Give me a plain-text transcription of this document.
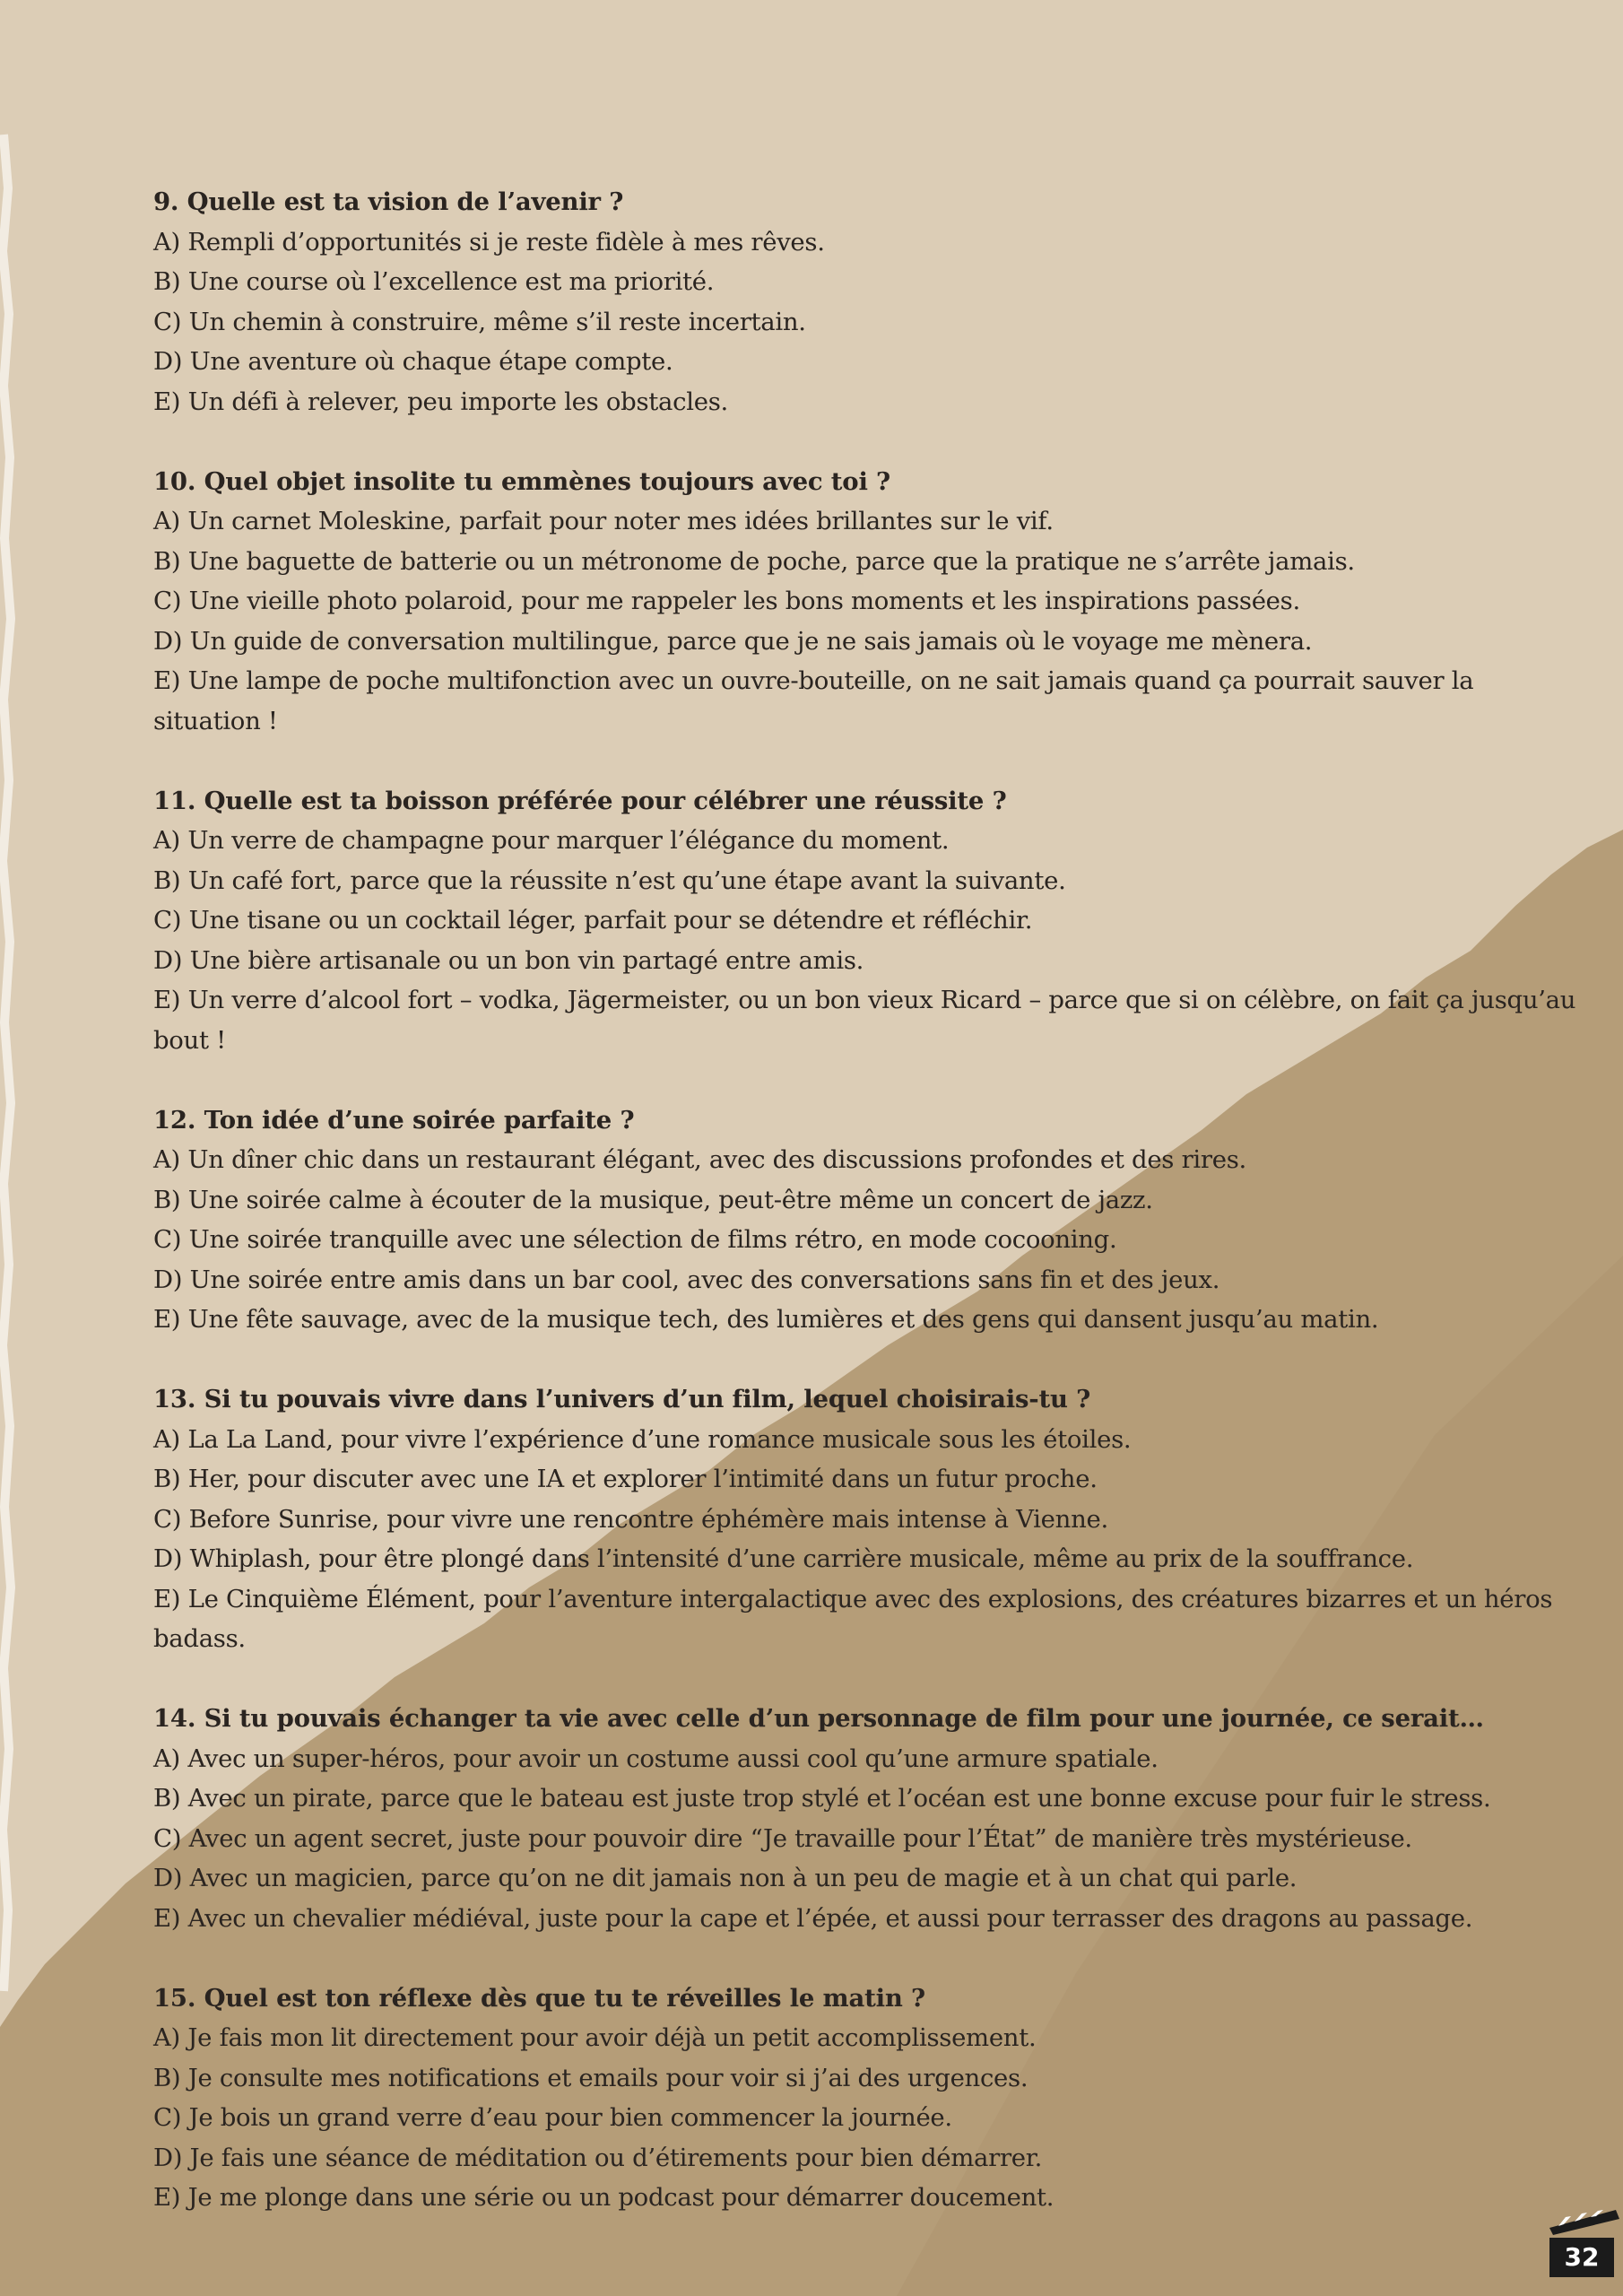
9. Quelle est ta vision de l’avenir ?

A) Rempli d’opportunités si je reste fidèle à mes rêves.

B) Une course où l’excellence est ma priorité.

C) Un chemin à construire, même s’il reste incertain.

D) Une aventure où chaque étape compte.

E) Un défi à relever, peu importe les obstacles.

10. Quel objet insolite tu emmènes toujours avec toi ?

A) Un carnet Moleskine, parfait pour noter mes idées brillantes sur le vif.

B) Une baguette de batterie ou un métronome de poche, parce que la pratique ne s’arrête jamais.

C) Une vieille photo polaroid, pour me rappeler les bons moments et les inspirations passées.

D) Un guide de conversation multilingue, parce que je ne sais jamais où le voyage me mènera.

E) Une lampe de poche multifonction avec un ouvre-bouteille, on ne sait jamais quand ça pourrait sauver la situation !

11. Quelle est ta boisson préférée pour célébrer une réussite ?

A) Un verre de champagne pour marquer l’élégance du moment.

B) Un café fort, parce que la réussite n’est qu’une étape avant la suivante.

C) Une tisane ou un cocktail léger, parfait pour se détendre et réfléchir.

D) Une bière artisanale ou un bon vin partagé entre amis.

E) Un verre d’alcool fort – vodka, Jägermeister, ou un bon vieux Ricard – parce que si on célèbre, on fait ça jusqu’au bout !

12. Ton idée d’une soirée parfaite ?

A) Un dîner chic dans un restaurant élégant, avec des discussions profondes et des rires.

B) Une soirée calme à écouter de la musique, peut-être même un concert de jazz.

C) Une soirée tranquille avec une sélection de films rétro, en mode cocooning.

D) Une soirée entre amis dans un bar cool, avec des conversations sans fin et des jeux.

E) Une fête sauvage, avec de la musique tech, des lumières et des gens qui dansent jusqu’au matin.

13. Si tu pouvais vivre dans l’univers d’un film, lequel choisirais-tu ?

A) La La Land, pour vivre l’expérience d’une romance musicale sous les étoiles.

B) Her, pour discuter avec une IA et explorer l’intimité dans un futur proche.

C) Before Sunrise, pour vivre une rencontre éphémère mais intense à Vienne.

D) Whiplash, pour être plongé dans l’intensité d’une carrière musicale, même au prix de la souffrance.

E) Le Cinquième Élément, pour l’aventure intergalactique avec des explosions, des créatures bizarres et un héros badass.

14. Si tu pouvais échanger ta vie avec celle d’un personnage de film pour une journée, ce serait…

A) Avec un super-héros, pour avoir un costume aussi cool qu’une armure spatiale.

B) Avec un pirate, parce que le bateau est juste trop stylé et l’océan est une bonne excuse pour fuir le stress.

C) Avec un agent secret, juste pour pouvoir dire “Je travaille pour l’État” de manière très mystérieuse.

D) Avec un magicien, parce qu’on ne dit jamais non à un peu de magie et à un chat qui parle.

E) Avec un chevalier médiéval, juste pour la cape et l’épée, et aussi pour terrasser des dragons au passage.

15. Quel est ton réflexe dès que tu te réveilles le matin ?

A) Je fais mon lit directement pour avoir déjà un petit accomplissement.

B) Je consulte mes notifications et emails pour voir si j’ai des urgences.

C) Je bois un grand verre d’eau pour bien commencer la journée.

D) Je fais une séance de méditation ou d’étirements pour bien démarrer.

E) Je me plonge dans une série ou un podcast pour démarrer doucement.

32
